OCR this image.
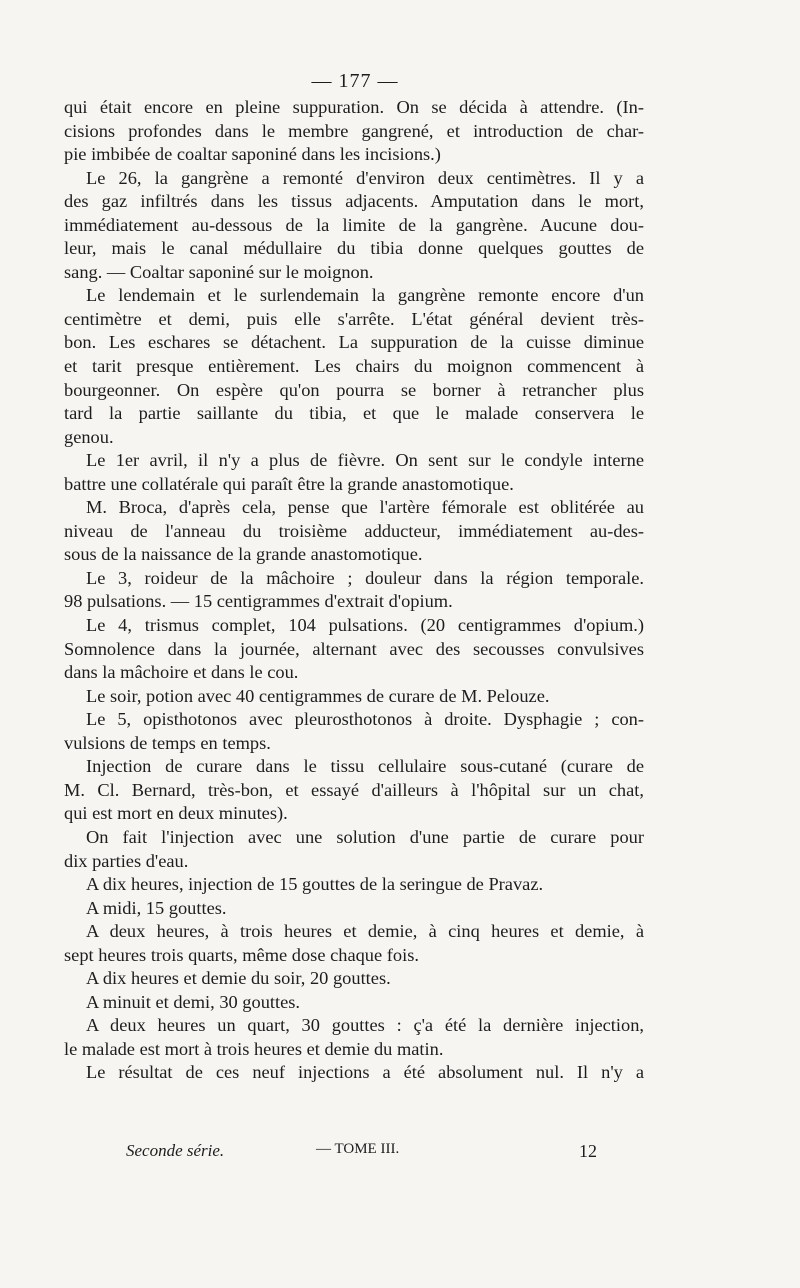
— 177 —
qui était encore en pleine suppuration. On se décida à attendre. (In-
cisions profondes dans le membre gangrené, et introduction de char-
pie imbibée de coaltar saponiné dans les incisions.)
Le 26, la gangrène a remonté d'environ deux centimètres. Il y a
des gaz infiltrés dans les tissus adjacents. Amputation dans le mort,
immédiatement au-dessous de la limite de la gangrène. Aucune dou-
leur, mais le canal médullaire du tibia donne quelques gouttes de
sang. — Coaltar saponiné sur le moignon.
Le lendemain et le surlendemain la gangrène remonte encore d'un
centimètre et demi, puis elle s'arrête. L'état général devient très-
bon. Les eschares se détachent. La suppuration de la cuisse diminue
et tarit presque entièrement. Les chairs du moignon commencent à
bourgeonner. On espère qu'on pourra se borner à retrancher plus
tard la partie saillante du tibia, et que le malade conservera le
genou.
Le 1er avril, il n'y a plus de fièvre. On sent sur le condyle interne
battre une collatérale qui paraît être la grande anastomotique.
M. Broca, d'après cela, pense que l'artère fémorale est oblitérée au
niveau de l'anneau du troisième adducteur, immédiatement au-des-
sous de la naissance de la grande anastomotique.
Le 3, roideur de la mâchoire ; douleur dans la région temporale.
98 pulsations. — 15 centigrammes d'extrait d'opium.
Le 4, trismus complet, 104 pulsations. (20 centigrammes d'opium.)
Somnolence dans la journée, alternant avec des secousses convulsives
dans la mâchoire et dans le cou.
Le soir, potion avec 40 centigrammes de curare de M. Pelouze.
Le 5, opisthotonos avec pleurosthotonos à droite. Dysphagie ; con-
vulsions de temps en temps.
Injection de curare dans le tissu cellulaire sous-cutané (curare de
M. Cl. Bernard, très-bon, et essayé d'ailleurs à l'hôpital sur un chat,
qui est mort en deux minutes).
On fait l'injection avec une solution d'une partie de curare pour
dix parties d'eau.
A dix heures, injection de 15 gouttes de la seringue de Pravaz.
A midi, 15 gouttes.
A deux heures, à trois heures et demie, à cinq heures et demie, à
sept heures trois quarts, même dose chaque fois.
A dix heures et demie du soir, 20 gouttes.
A minuit et demi, 30 gouttes.
A deux heures un quart, 30 gouttes : ç'a été la dernière injection,
le malade est mort à trois heures et demie du matin.
Le résultat de ces neuf injections a été absolument nul. Il n'y a
Seconde série.	— TOME III.	12
